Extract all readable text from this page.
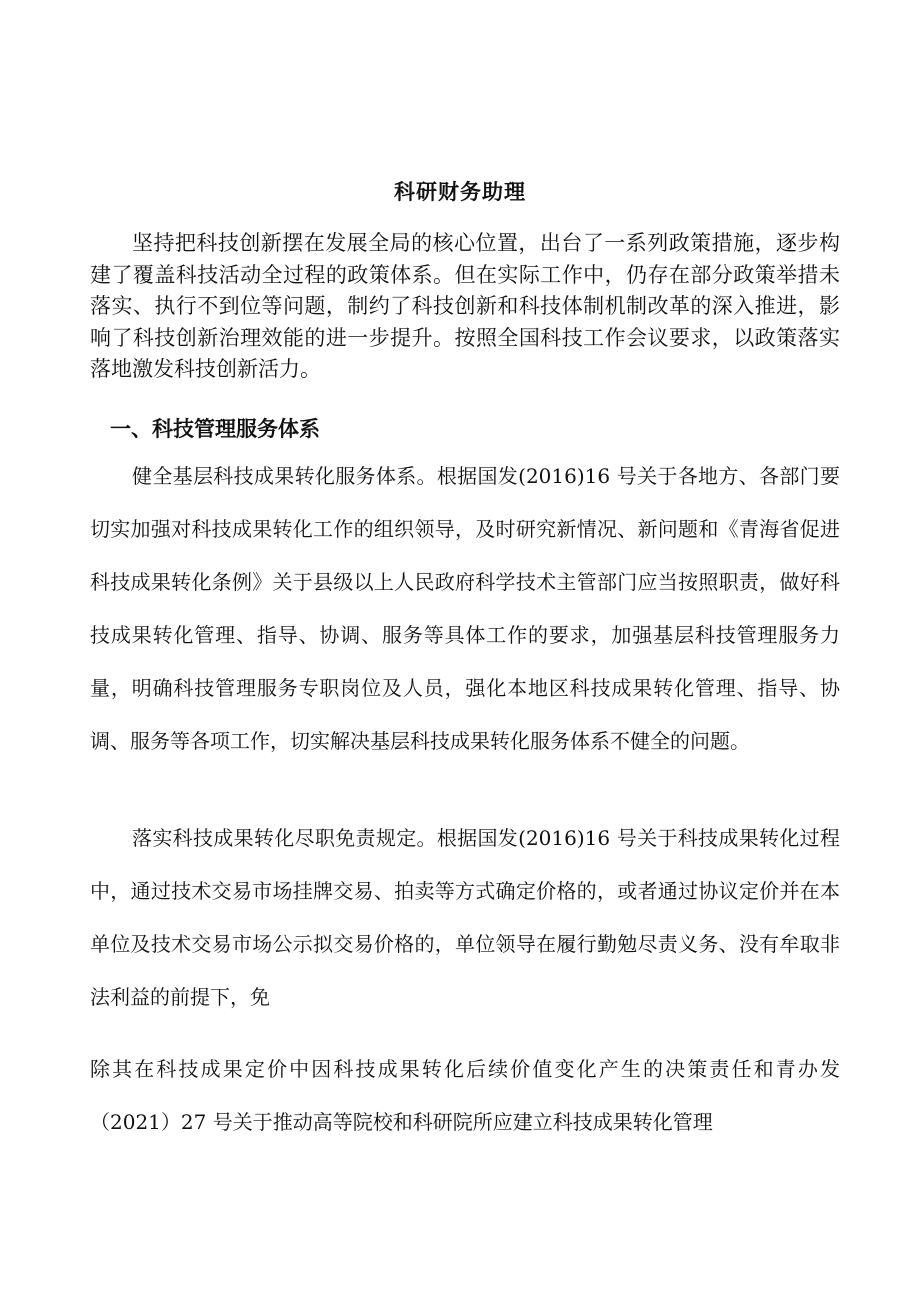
科研财务助理

坚持把科技创新摆在发展全局的核心位置，出台了一系列政策措施，逐步构建了覆盖科技活动全过程的政策体系。但在实际工作中，仍存在部分政策举措未落实、执行不到位等问题，制约了科技创新和科技体制机制改革的深入推进，影响了科技创新治理效能的进一步提升。按照全国科技工作会议要求，以政策落实落地激发科技创新活力。

一、科技管理服务体系

健全基层科技成果转化服务体系。根据国发(2016)16 号关于各地方、各部门要切实加强对科技成果转化工作的组织领导，及时研究新情况、新问题和《青海省促进科技成果转化条例》关于县级以上人民政府科学技术主管部门应当按照职责，做好科技成果转化管理、指导、协调、服务等具体工作的要求，加强基层科技管理服务力量，明确科技管理服务专职岗位及人员，强化本地区科技成果转化管理、指导、协调、服务等各项工作，切实解决基层科技成果转化服务体系不健全的问题。

落实科技成果转化尽职免责规定。根据国发(2016)16 号关于科技成果转化过程中，通过技术交易市场挂牌交易、拍卖等方式确定价格的，或者通过协议定价并在本单位及技术交易市场公示拟交易价格的，单位领导在履行勤勉尽责义务、没有牟取非法利益的前提下，免

除其在科技成果定价中因科技成果转化后续价值变化产生的决策责任和青办发（2021）27 号关于推动高等院校和科研院所应建立科技成果转化管理
